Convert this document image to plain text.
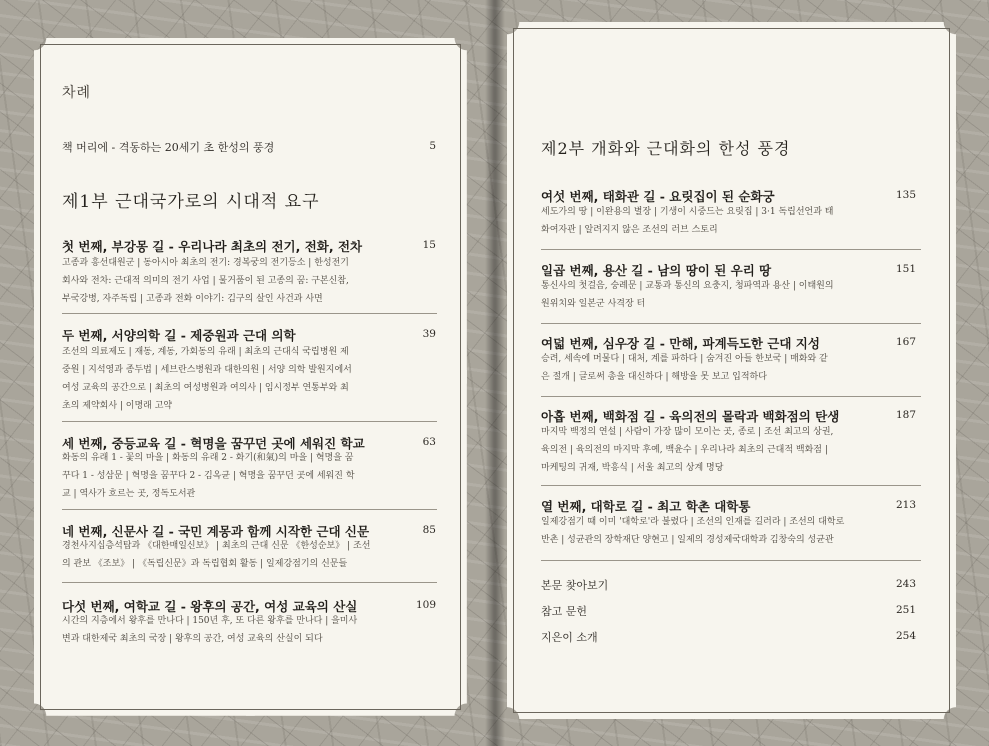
차례
책 머리에 - 격동하는 20세기 초 한성의 풍경	5
제1부 근대국가로의 시대적 요구
첫 번째, 부강몽 길 - 우리나라 최초의 전기, 전화, 전차	15

고종과 흥선대원군 | 동아시아 최초의 전기: 경복궁의 전기등소 | 한성전기
회사와 전차: 근대적 의미의 전기 사업 | 물거품이 된 고종의 꿈: 구본신참,
부국강병, 자주독립 | 고종과 전화 이야기: 김구의 살인 사건과 사면

두 번째, 서양의학 길 - 제중원과 근대 의학	39

조선의 의료제도 | 재동, 계동, 가회동의 유래 | 최초의 근대식 국립병원 제
중원 | 지석영과 종두법 | 세브란스병원과 대한의원 | 서양 의학 발원지에서
여성 교육의 공간으로 | 최초의 여성병원과 여의사 | 임시정부 연통부와 최
초의 제약회사 | 이명래 고약

세 번째, 중등교육 길 - 혁명을 꿈꾸던 곳에 세워진 학교	63

화동의 유래 1 - 꽃의 마을 | 화동의 유래 2 - 화기(和氣)의 마을 | 혁명을 꿈
꾸다 1 - 성삼문 | 혁명을 꿈꾸다 2 - 김옥균 | 혁명을 꿈꾸던 곳에 세워진 학
교 | 역사가 흐르는 곳, 정독도서관

네 번째, 신문사 길 - 국민 계몽과 함께 시작한 근대 신문	85

경천사지십층석탑과 《대한매일신보》 | 최초의 근대 신문 《한성순보》 | 조선
의 관보 《조보》 | 《독립신문》과 독립협회 활동 | 일제강점기의 신문들

다섯 번째, 여학교 길 - 왕후의 공간, 여성 교육의 산실	109

시간의 지층에서 왕후를 만나다 | 150년 후, 또 다른 왕후를 만나다 | 을미사
변과 대한제국 최초의 국장 | 왕후의 공간, 여성 교육의 산실이 되다

제2부 개화와 근대화의 한성 풍경
여섯 번째, 태화관 길 - 요릿집이 된 순화궁	135

세도가의 땅 | 이완용의 별장 | 기생이 시중드는 요릿집 | 3·1 독립선언과 태
화여자관 | 알려지지 않은 조선의 러브 스토리

일곱 번째, 용산 길 - 남의 땅이 된 우리 땅	151

통신사의 첫걸음, 숭례문 | 교통과 통신의 요충지, 청파역과 용산 | 이태원의
원위치와 일본군 사격장 터

여덟 번째, 심우장 길 - 만해, 파계득도한 근대 지성	167

승려, 세속에 머물다 | 대처, 계를 파하다 | 숨겨진 아들 한보국 | 매화와 같
은 절개 | 글로써 총을 대신하다 | 해방을 못 보고 입적하다

아홉 번째, 백화점 길 - 육의전의 몰락과 백화점의 탄생	187

마지막 백정의 연설 | 사람이 가장 많이 모이는 곳, 종로 | 조선 최고의 상권,
육의전 | 육의전의 마지막 후예, 백윤수 | 우리나라 최초의 근대적 백화점 |
마케팅의 귀재, 박흥식 | 서울 최고의 상계 명당

열 번째, 대학로 길 - 최고 학촌 대학통	213

일제강점기 때 이미 '대학로'라 불렸다 | 조선의 인재를 길러라 | 조선의 대학로
반촌 | 성균관의 장학재단 양현고 | 일제의 경성제국대학과 김창숙의 성균관

본문 찾아보기	243
참고 문헌	251
지은이 소개	254
